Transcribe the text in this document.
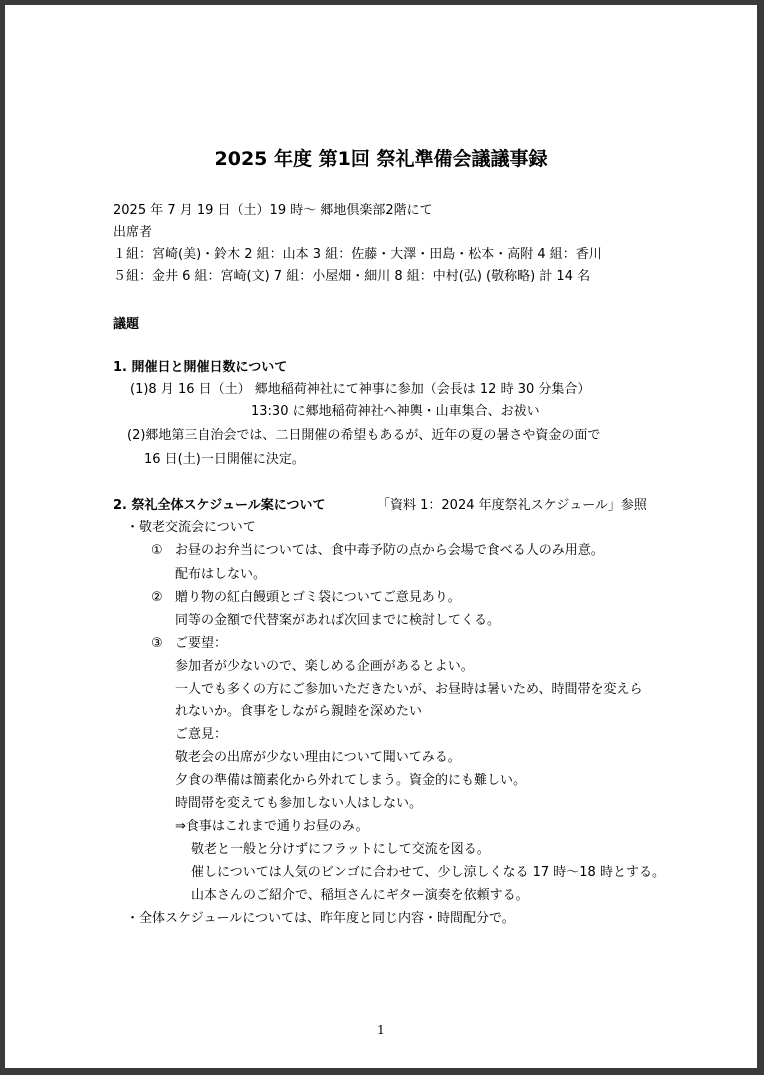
2025 年度 第1回 祭礼準備会議議事録
2025 年 7 月 19 日（土）19 時～ 郷地倶楽部2階にて
出席者
１組：宮崎(美)・鈴木 2 組：山本 3 組：佐藤・大澤・田島・松本・高附 4 組：香川
５組：金井 6 組：宮崎(文) 7 組：小屋畑・細川 8 組：中村(弘) (敬称略) 計 14 名
議題
1. 開催日と開催日数について
(1)8 月 16 日（土） 郷地稲荷神社にて神事に参加（会長は 12 時 30 分集合）
13:30 に郷地稲荷神社へ神輿・山車集合、お祓い
(2)郷地第三自治会では、二日開催の希望もあるが、近年の夏の暑さや資金の面で
16 日(土)一日開催に決定。
2. 祭礼全体スケジュール案について	「資料 1：2024 年度祭礼スケジュール」参照
・敬老交流会について
① お昼のお弁当については、食中毒予防の点から会場で食べる人のみ用意。
配布はしない。
② 贈り物の紅白饅頭とゴミ袋についてご意見あり。
同等の金額で代替案があれば次回までに検討してくる。
③ ご要望：
参加者が少ないので、楽しめる企画があるとよい。
一人でも多くの方にご参加いただきたいが、お昼時は暑いため、時間帯を変えら
れないか。食事をしながら親睦を深めたい
ご意見：
敬老会の出席が少ない理由について聞いてみる。
夕食の準備は簡素化から外れてしまう。資金的にも難しい。
時間帯を変えても参加しない人はしない。
⇒食事はこれまで通りお昼のみ。
敬老と一般と分けずにフラットにして交流を図る。
催しについては人気のビンゴに合わせて、少し涼しくなる 17 時～18 時とする。
山本さんのご紹介で、稲垣さんにギター演奏を依頼する。
・全体スケジュールについては、昨年度と同じ内容・時間配分で。
1
